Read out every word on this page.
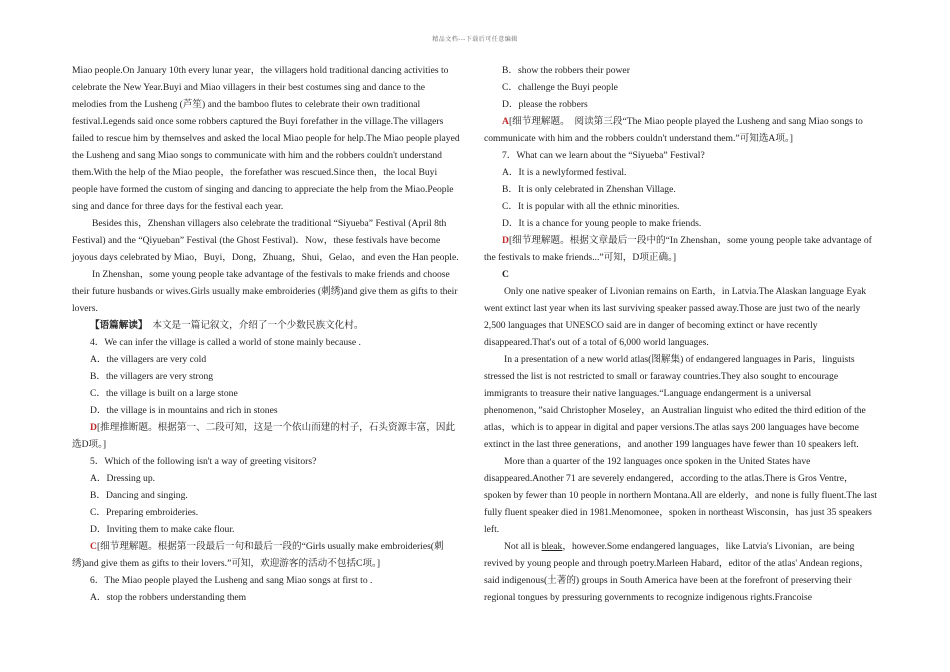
精品文档---下载后可任意编辑

Miao people.On January 10th every lunar year，the villagers hold traditional dancing activities to celebrate the New Year.Buyi and Miao villagers in their best costumes sing and dance to the melodies from the Lusheng (芦笙) and the bamboo flutes to celebrate their own traditional festival.Legends said once some robbers captured the Buyi forefather in the village.The villagers failed to rescue him by themselves and asked the local Miao people for help.The Miao people played the Lusheng and sang Miao songs to communicate with him and the robbers couldn't understand them.With the help of the Miao people，the forefather was rescued.Since then，the local Buyi people have formed the custom of singing and dancing to appreciate the help from the Miao.People sing and dance for three days for the festival each year.

Besides this，Zhenshan villagers also celebrate the traditional “Siyueba” Festival (April 8th Festival) and the “Qiyueban” Festival (the Ghost Festival)．Now，these festivals have become joyous days celebrated by Miao，Buyi，Dong，Zhuang，Shui，Gelao，and even the Han people.

In Zhenshan，some young people take advantage of the festivals to make friends and choose their future husbands or wives.Girls usually make embroideries (刺绣)and give them as gifts to their lovers.

【语篇解读】　 本文是一篇记叙文，介绍了一个少数民族文化村。

4．We can infer the village is called a world of stone mainly because .

A．the villagers are very cold

B．the villagers are very strong

C．the village is built on a large stone

D．the village is in mountains and rich in stones

D[推理推断题。根据第一、二段可知，这是一个依山而建的村子，石头资源丰富，因此选D项。]

5．Which of the following isn't a way of greeting visitors?

A．Dressing up.

B．Dancing and singing.

C．Preparing embroideries.

D．Inviting them to make cake flour.

C[细节理解题。根据第一段最后一句和最后一段的“Girls usually make embroideries(刺绣)and give them as gifts to their lovers.”可知，欢迎游客的活动不包括C项。]

6．The Miao people played the Lusheng and sang Miao songs at first to .

A．stop the robbers understanding them

B．show the robbers their power

C．challenge the Buyi people

D．please the robbers

A[细节理解题。　阅读第三段“The Miao people played the Lusheng and sang Miao songs to communicate with him and the robbers couldn't understand them.”可知选A项。]

7．What can we learn about the “Siyueba” Festival?

A．It is a newlyformed festival.

B．It is only celebrated in Zhenshan Village.

C．It is popular with all the ethnic minorities.

D．It is a chance for young people to make friends.

D[细节理解题。根据文章最后一段中的“In Zhenshan，some young people take advantage of the festivals to make friends...”可知，D项正确。]

C

Only one native speaker of Livonian remains on Earth，in Latvia.The Alaskan language Eyak went extinct last year when its last surviving speaker passed away.Those are just two of the nearly 2,500 languages that UNESCO said are in danger of becoming extinct or have recently disappeared.That's out of a total of 6,000 world languages.

In a presentation of a new world atlas(图解集) of endangered languages in Paris，linguists stressed the list is not restricted to small or faraway countries.They also sought to encourage immigrants to treasure their native languages.“Language endangerment is a universal phenomenon，”said Christopher Moseley，an Australian linguist who edited the third edition of the atlas，which is to appear in digital and paper versions.The atlas says 200 languages have become extinct in the last three generations，and another 199 languages have fewer than 10 speakers left.

More than a quarter of the 192 languages once spoken in the United States have disappeared.Another 71 are severely endangered，according to the atlas.There is Gros Ventre，spoken by fewer than 10 people in northern Montana.All are elderly，and none is fully fluent.The last fully fluent speaker died in 1981.Menomonee，spoken in northeast Wisconsin，has just 35 speakers left.

Not all is bleak，however.Some endangered languages，like Latvia's Livonian，are being revived by young people and through poetry.Marleen Habard，editor of the atlas' Andean regions，said indigenous(土著的) groups in South America have been at the forefront of preserving their regional tongues by pressuring governments to recognize indigenous rights.Francoise
